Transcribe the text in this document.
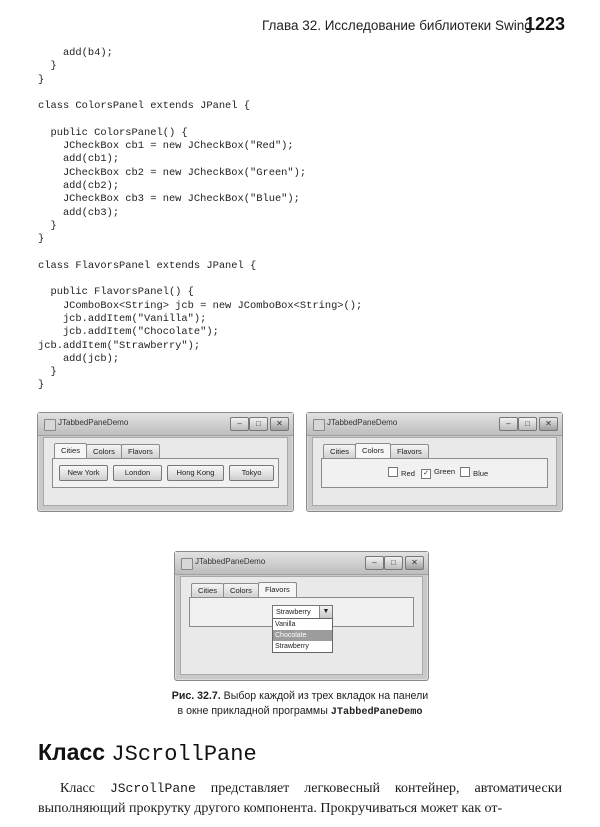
Глава 32. Исследование библиотеки Swing
1223
add(b4);
}
}
class ColorsPanel extends JPanel {
public ColorsPanel() {
JCheckBox cb1 = new JCheckBox("Red");
add(cb1);
JCheckBox cb2 = new JCheckBox("Green");
add(cb2);
JCheckBox cb3 = new JCheckBox("Blue");
add(cb3);
}
}
class FlavorsPanel extends JPanel {
public FlavorsPanel() {
JComboBox<String> jcb = new JComboBox<String>();
jcb.addItem("Vanilla");
jcb.addItem("Chocolate");
jcb.addItem("Strawberry");
add(jcb);
}
}
JTabbedPaneDemo	–	□	✕
Cities	Colors	Flavors
New York	London	Hong Kong	Tokyo
JTabbedPaneDemo	–	□	✕
Cities	Colors	Flavors
Red ✓ Green	Blue
JTabbedPaneDemo	–	□	✕
Cities	Colors	Flavors
Strawberry	▼
Vanilla
Chocolate
Strawberry
Рис. 32.7. Выбор каждой из трех вкладок на панели
в окне прикладной программы JTabbedPaneDemo
Класс JScrollPane

Класс JScrollPane представляет легковесный контейнер, автоматически выполняющий прокрутку другого компонента. Прокручиваться может как от-
